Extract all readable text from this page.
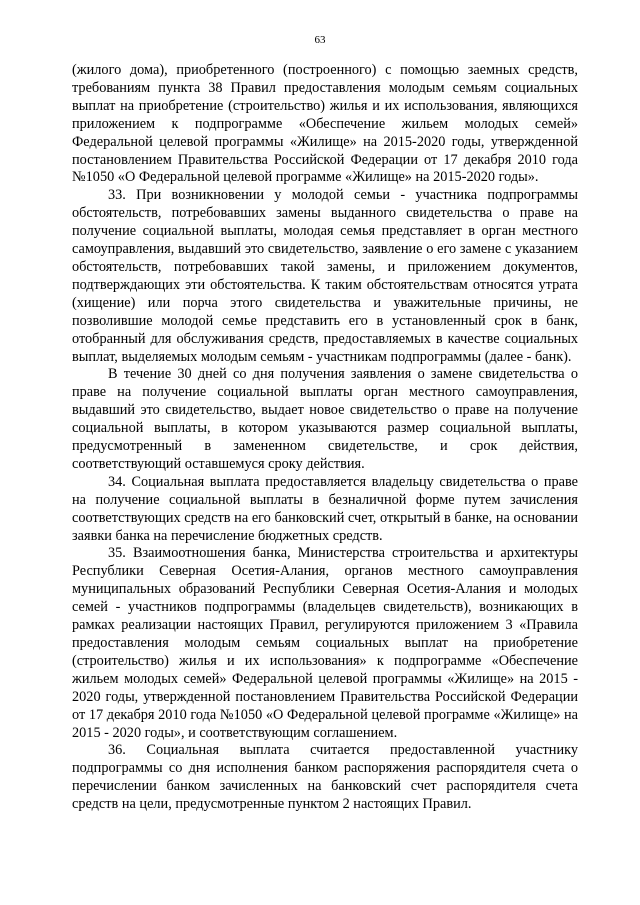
63

(жилого дома), приобретенного (построенного) с помощью заемных средств, требованиям пункта 38 Правил предоставления молодым семьям социальных выплат на приобретение (строительство) жилья и их использования, являющихся приложением к подпрограмме «Обеспечение жильем молодых семей» Федеральной целевой программы «Жилище» на 2015-2020 годы, утвержденной постановлением Правительства Российской Федерации от 17 декабря 2010 года №1050 «О Федеральной целевой программе «Жилище» на 2015-2020 годы».

33. При возникновении у молодой семьи - участника подпрограммы обстоятельств, потребовавших замены выданного свидетельства о праве на получение социальной выплаты, молодая семья представляет в орган местного самоуправления, выдавший это свидетельство, заявление о его замене с указанием обстоятельств, потребовавших такой замены, и приложением документов, подтверждающих эти обстоятельства. К таким обстоятельствам относятся утрата (хищение) или порча этого свидетельства и уважительные причины, не позволившие молодой семье представить его в установленный срок в банк, отобранный для обслуживания средств, предоставляемых в качестве социальных выплат, выделяемых молодым семьям - участникам подпрограммы (далее - банк).

В течение 30 дней со дня получения заявления о замене свидетельства о праве на получение социальной выплаты орган местного самоуправления, выдавший это свидетельство, выдает новое свидетельство о праве на получение социальной выплаты, в котором указываются размер социальной выплаты, предусмотренный в замененном свидетельстве, и срок действия, соответствующий оставшемуся сроку действия.

34. Социальная выплата предоставляется владельцу свидетельства о праве на получение социальной выплаты в безналичной форме путем зачисления соответствующих средств на его банковский счет, открытый в банке, на основании заявки банка на перечисление бюджетных средств.

35. Взаимоотношения банка, Министерства строительства и архитектуры Республики Северная Осетия-Алания, органов местного самоуправления муниципальных образований Республики Северная Осетия-Алания и молодых семей - участников подпрограммы (владельцев свидетельств), возникающих в рамках реализации настоящих Правил, регулируются приложением 3 «Правила предоставления молодым семьям социальных выплат на приобретение (строительство) жилья и их использования» к подпрограмме «Обеспечение жильем молодых семей» Федеральной целевой программы «Жилище» на 2015 - 2020 годы, утвержденной постановлением Правительства Российской Федерации от 17 декабря 2010 года №1050 «О Федеральной целевой программе «Жилище» на 2015 - 2020 годы», и соответствующим соглашением.

36. Социальная выплата считается предоставленной участнику подпрограммы со дня исполнения банком распоряжения распорядителя счета о перечислении банком зачисленных на банковский счет распорядителя счета средств на цели, предусмотренные пунктом 2 настоящих Правил.
